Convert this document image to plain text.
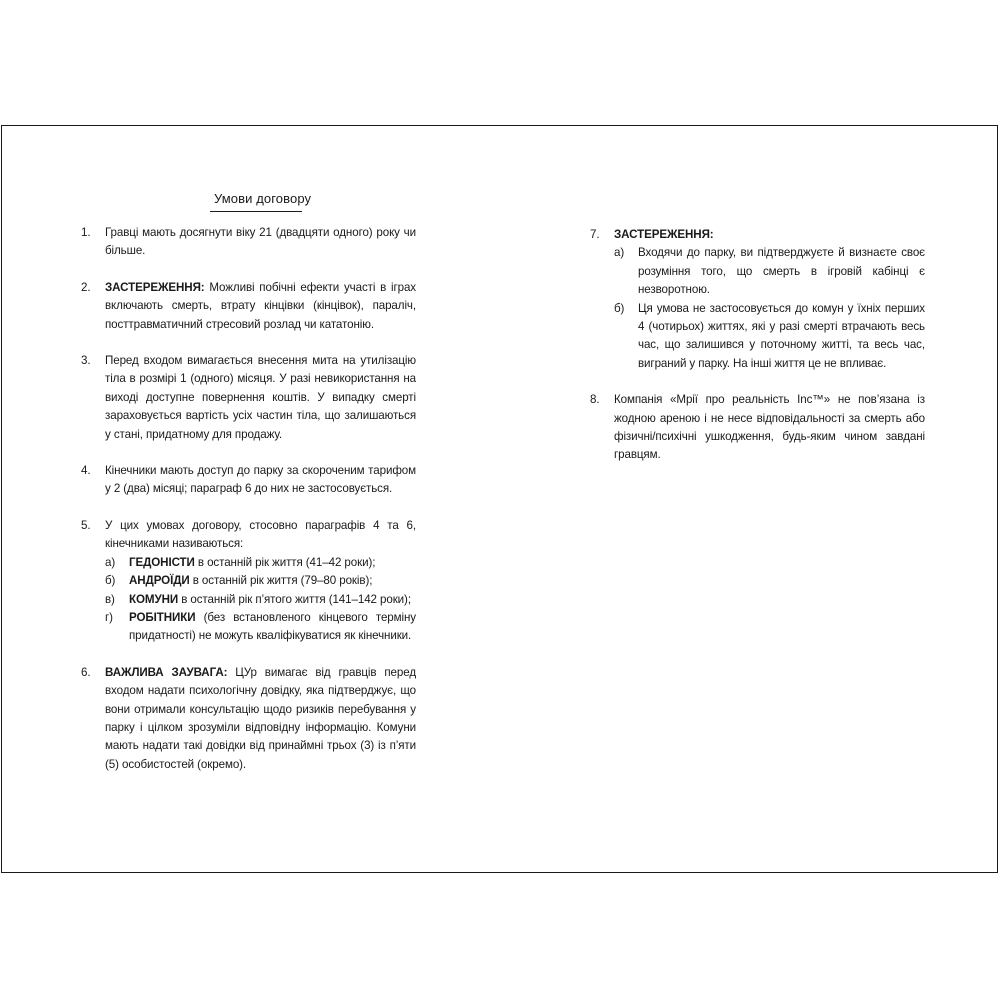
Умови договору
1. Гравці мають досягнути віку 21 (двадцяти одного) року чи більше.

2. ЗАСТЕРЕЖЕННЯ: Можливі побічні ефекти участі в іграх включають смерть, втрату кінцівки (кінцівок), параліч, посттравматичний стресовий розлад чи кататонію.

3. Перед входом вимагається внесення мита на утилізацію тіла в розмірі 1 (одного) місяця. У разі невикористання на виході доступне повернення коштів. У випадку смерті зараховується вартість усіх частин тіла, що залишаються у стані, придатному для продажу.

4. Кінечники мають доступ до парку за скороченим тарифом у 2 (два) місяці; параграф 6 до них не застосовується.

5. У цих умовах договору, стосовно параграфів 4 та 6, кінечниками називаються:

а) ГЕДОНІСТИ в останній рік життя (41–42 роки);
б) АНДРОЇДИ в останній рік життя (79–80 років);
в) КОМУНИ в останній рік п’ятого життя (141–142 роки);
г) РОБІТНИКИ (без встановленого кінцевого терміну придатності) не можуть кваліфікуватися як кінечники.
6. ВАЖЛИВА ЗАУВАГА: ЦУр вимагає від гравців перед входом надати психологічну довідку, яка підтверджує, що вони отримали консультацію щодо ризиків перебування у парку і цілком зрозуміли відповідну інформацію. Комуни мають надати такі довідки від принаймні трьох (3) із п’яти (5) особистостей (окремо).

7. ЗАСТЕРЕЖЕННЯ:

а) Входячи до парку, ви підтверджуєте й визнаєте своє розуміння того, що смерть в ігровій кабінці є незворотною.
б) Ця умова не застосовується до комун у їхніх перших 4 (чотирьох) життях, які у разі смерті втрачають весь час, що залишився у поточному житті, та весь час, виграний у парку. На інші життя це не впливає.
8. Компанія «Мрії про реальність Inc™» не пов’язана із жодною ареною і не несе відповідальності за смерть або фізичні/психічні ушкодження, будь-яким чином завдані гравцям.
